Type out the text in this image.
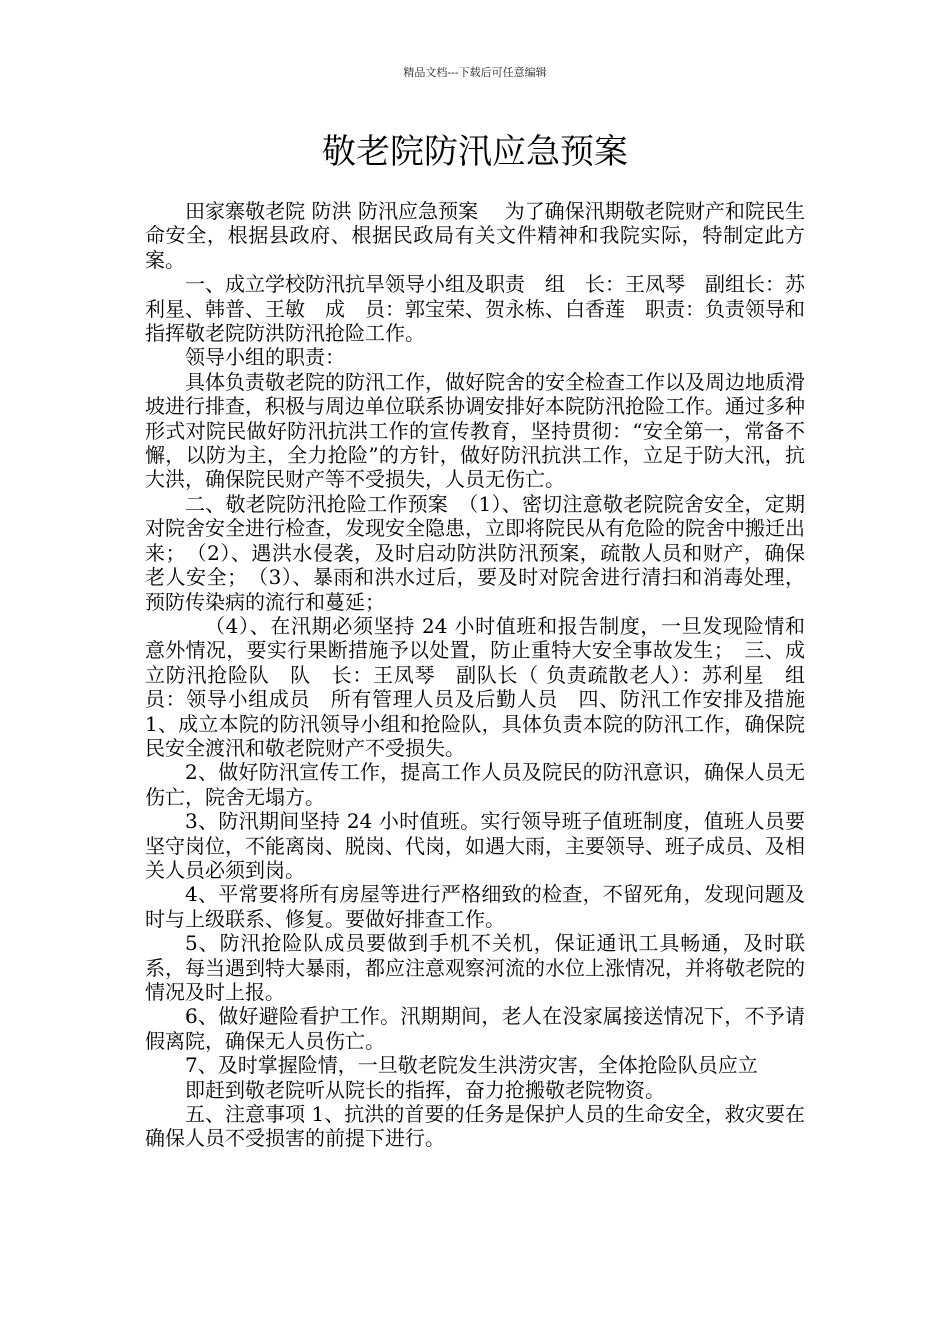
精品文档---下载后可任意编辑
敬老院防汛应急预案

田家寨敬老院 防洪 防汛应急预案　 为了确保汛期敬老院财产和院民生命安全，根据县政府、根据民政局有关文件精神和我院实际，特制定此方案。

一、成立学校防汛抗旱领导小组及职责　组　长：王凤琴　副组长：苏利星、韩普、王敏　成　员：郭宝荣、贺永栋、白香莲　职责：负责领导和指挥敬老院防洪防汛抢险工作。

领导小组的职责：

具体负责敬老院的防汛工作，做好院舍的安全检查工作以及周边地质滑坡进行排查，积极与周边单位联系协调安排好本院防汛抢险工作。通过多种形式对院民做好防汛抗洪工作的宣传教育，坚持贯彻：“安全第一，常备不懈，以防为主，全力抢险”的方针，做好防汛抗洪工作，立足于防大汛，抗大洪，确保院民财产等不受损失，人员无伤亡。

二、敬老院防汛抢险工作预案　（1）、密切注意敬老院院舍安全，定期对院舍安全进行检查，发现安全隐患，立即将院民从有危险的院舍中搬迁出来；　（2）、遇洪水侵袭，及时启动防洪防汛预案，疏散人员和财产，确保老人安全；　（3）、暴雨和洪水过后，要及时对院舍进行清扫和消毒处理，预防传染病的流行和蔓延；

（4）、在汛期必须坚持 24 小时值班和报告制度，一旦发现险情和意外情况，要实行果断措施予以处置，防止重特大安全事故发生；　三、成立防汛抢险队　队　长：王凤琴　副队长（ 负责疏散老人）：苏利星　组　员：领导小组成员　所有管理人员及后勤人员　四、防汛工作安排及措施　1、成立本院的防汛领导小组和抢险队，具体负责本院的防汛工作，确保院民安全渡汛和敬老院财产不受损失。

2、做好防汛宣传工作，提高工作人员及院民的防汛意识，确保人员无伤亡，院舍无塌方。

3、防汛期间坚持 24 小时值班。实行领导班子值班制度，值班人员要坚守岗位，不能离岗、脱岗、代岗，如遇大雨，主要领导、班子成员、及相关人员必须到岗。

4、平常要将所有房屋等进行严格细致的检查，不留死角，发现问题及时与上级联系、修复。要做好排查工作。

5、防汛抢险队成员要做到手机不关机，保证通讯工具畅通，及时联系，每当遇到特大暴雨，都应注意观察河流的水位上涨情况，并将敬老院的情况及时上报。

6、做好避险看护工作。汛期期间，老人在没家属接送情况下，不予请假离院，确保无人员伤亡。

7、及时掌握险情，一旦敬老院发生洪涝灾害，全体抢险队员应立

即赶到敬老院听从院长的指挥，奋力抢搬敬老院物资。

五、注意事项 1、抗洪的首要的任务是保护人员的生命安全，救灾要在确保人员不受损害的前提下进行。
